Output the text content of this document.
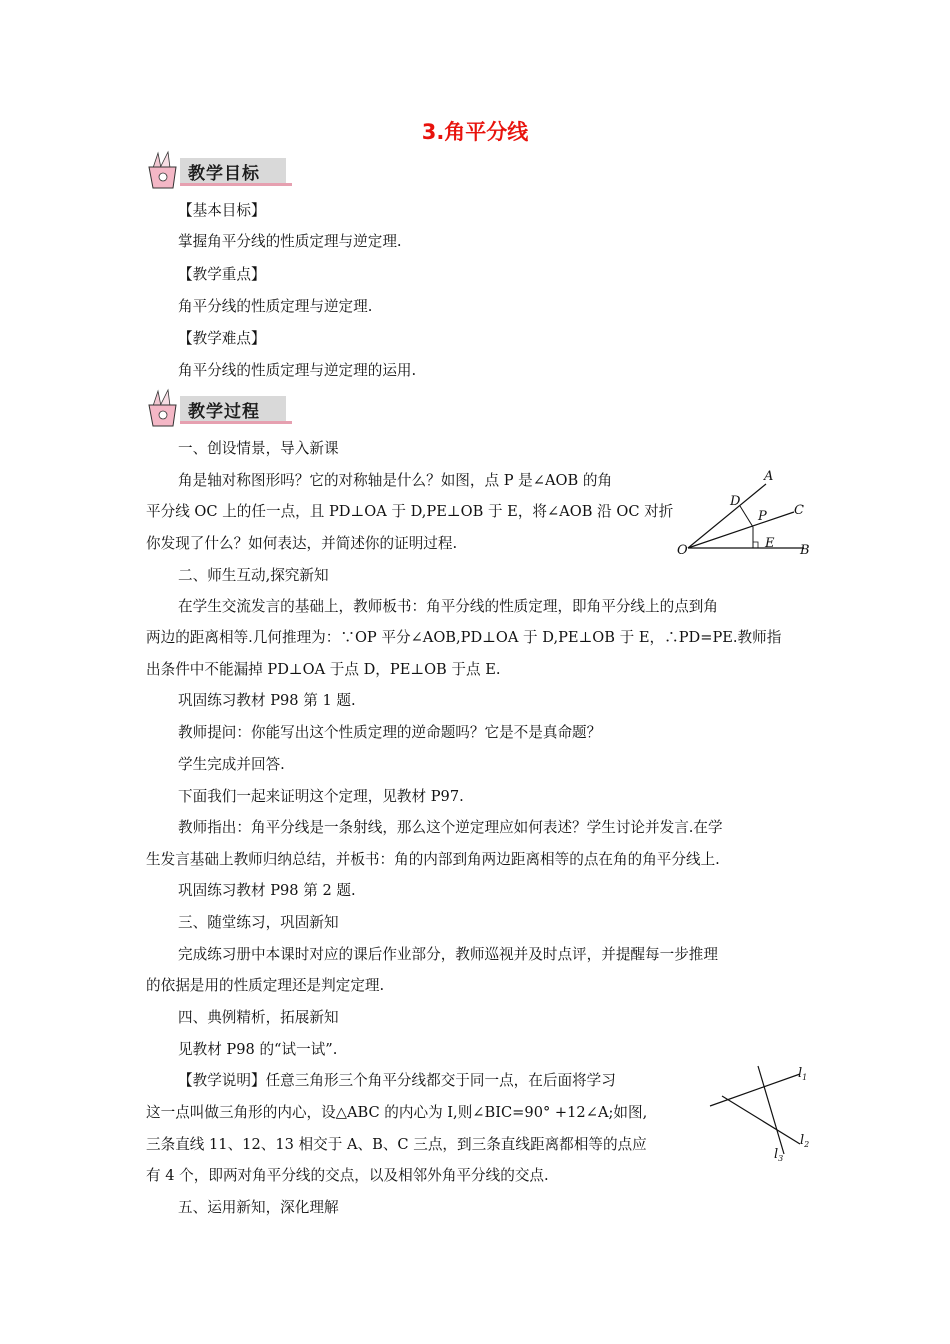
3.角平分线
教学目标
【基本目标】
掌握角平分线的性质定理与逆定理.
【教学重点】
角平分线的性质定理与逆定理.
【教学难点】
角平分线的性质定理与逆定理的运用.
教学过程
一、创设情景，导入新课
角是轴对称图形吗？它的对称轴是什么？如图，点 P 是∠AOB 的角
平分线 OC 上的任一点，且 PD⊥OA 于 D,PE⊥OB 于 E，将∠AOB 沿 OC 对折
你发现了什么？如何表达，并简述你的证明过程.
A
B
C
D
E
O
P
二、师生互动,探究新知
在学生交流发言的基础上，教师板书：角平分线的性质定理，即角平分线上的点到角
两边的距离相等.几何推理为：∵OP 平分∠AOB,PD⊥OA 于 D,PE⊥OB 于 E，∴PD=PE.教师指
出条件中不能漏掉 PD⊥OA 于点 D，PE⊥OB 于点 E.
巩固练习教材 P98 第 1 题.
教师提问：你能写出这个性质定理的逆命题吗？它是不是真命题？
学生完成并回答.
下面我们一起来证明这个定理，见教材 P97.
教师指出：角平分线是一条射线，那么这个逆定理应如何表述？学生讨论并发言.在学
生发言基础上教师归纳总结，并板书：角的内部到角两边距离相等的点在角的角平分线上.
巩固练习教材 P98 第 2 题.
三、随堂练习，巩固新知
完成练习册中本课时对应的课后作业部分，教师巡视并及时点评，并提醒每一步推理
的依据是用的性质定理还是判定定理.
四、典例精析，拓展新知
见教材 P98 的“试一试”.
【教学说明】任意三角形三个角平分线都交于同一点，在后面将学习
这一点叫做三角形的内心，设△ABC 的内心为 I,则∠BIC=90° +12∠A;如图,
三条直线 11、12、13 相交于 A、B、C 三点，到三条直线距离都相等的点应
有 4 个，即两对角平分线的交点，以及相邻外角平分线的交点.
五、运用新知，深化理解
$l_1$
$l_2$
$l_3$
